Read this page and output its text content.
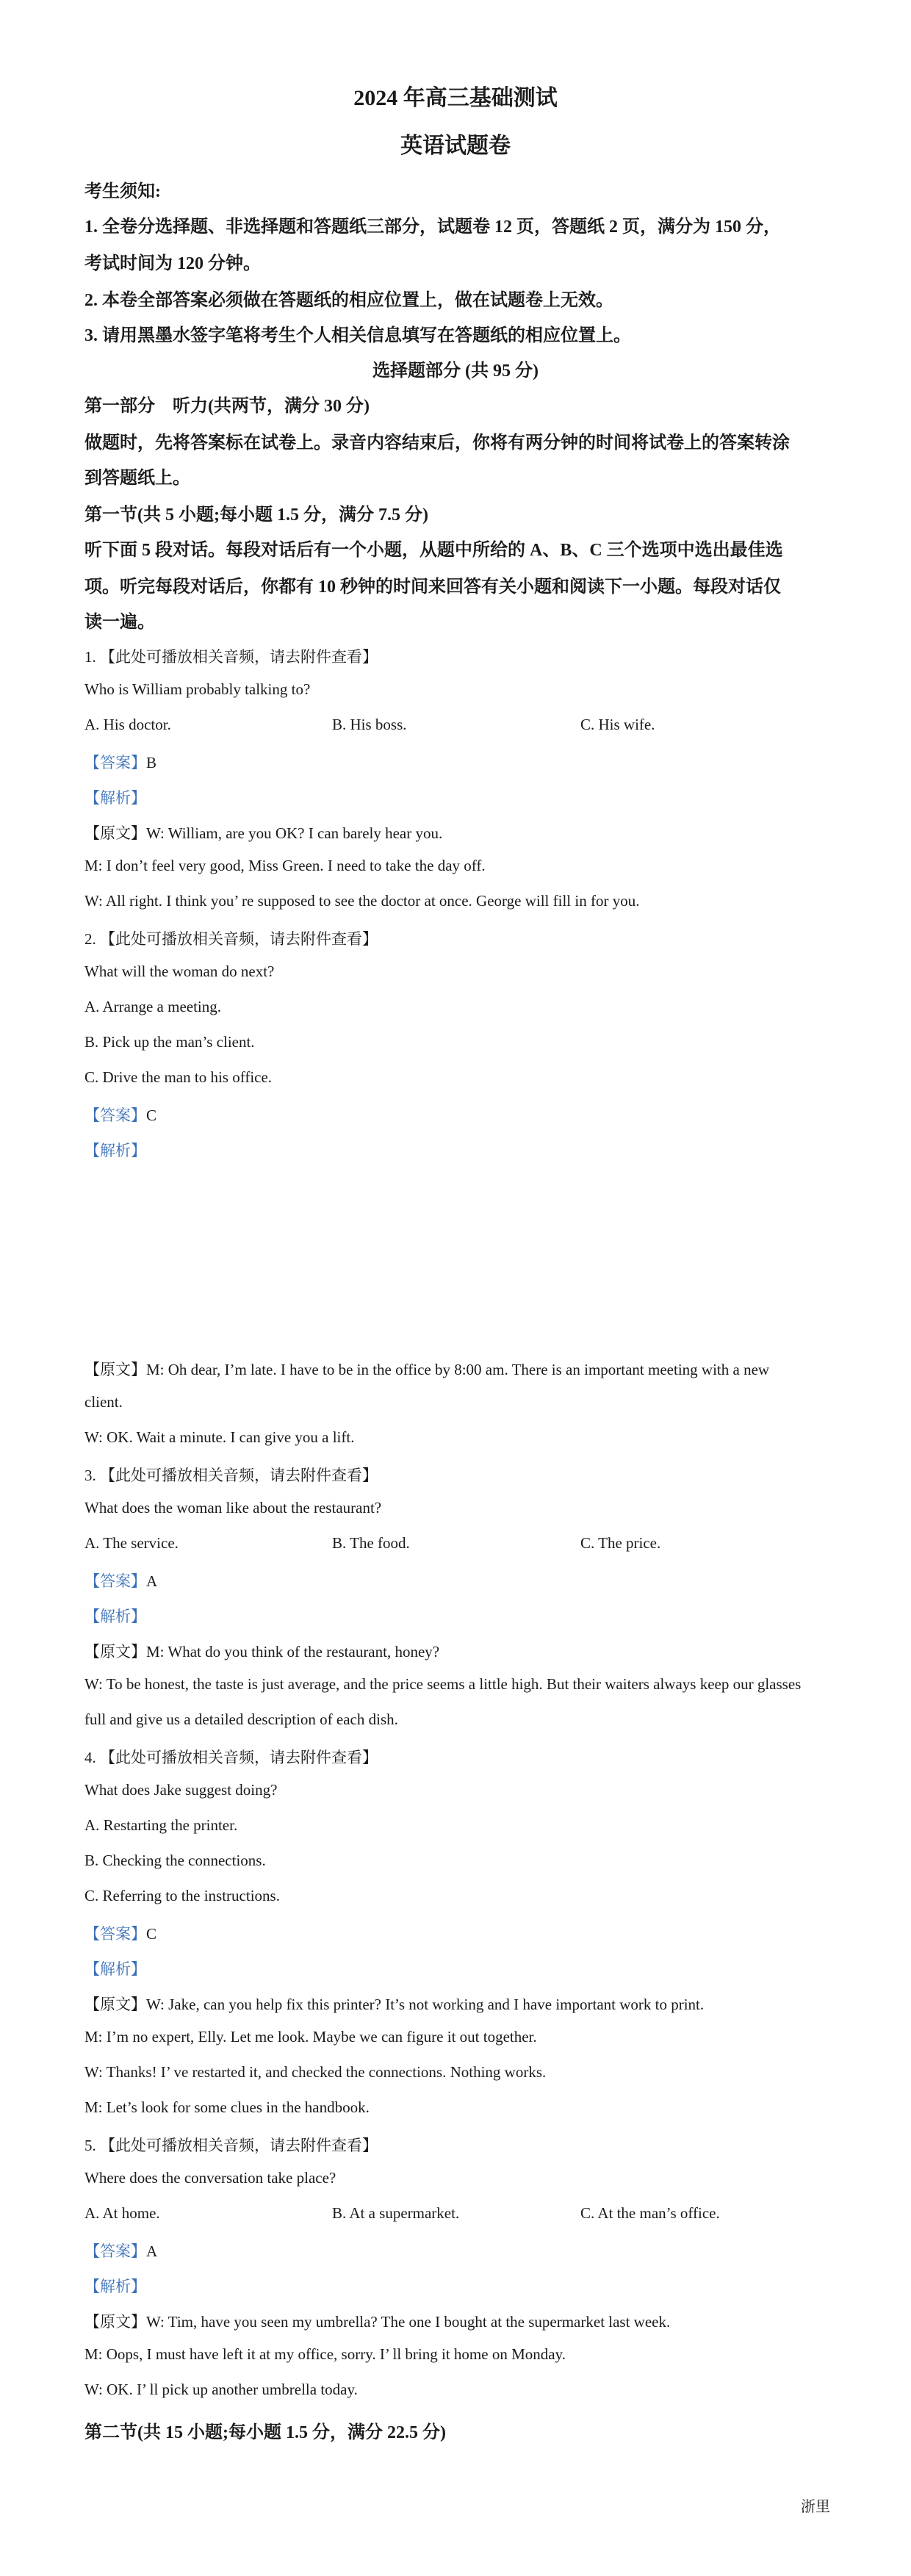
2024 年高三基础测试
英语试题卷
考生须知:
1. 全卷分选择题、非选择题和答题纸三部分，试题卷 12 页，答题纸 2 页，满分为 150 分，
考试时间为 120 分钟。
2. 本卷全部答案必须做在答题纸的相应位置上，做在试题卷上无效。
3. 请用黑墨水签字笔将考生个人相关信息填写在答题纸的相应位置上。
选择题部分 (共 95 分)
第一部分　听力(共两节，满分 30 分)
做题时，先将答案标在试卷上。录音内容结束后，你将有两分钟的时间将试卷上的答案转涂
到答题纸上。
第一节(共 5 小题;每小题 1.5 分，满分 7.5 分)
听下面 5 段对话。每段对话后有一个小题，从题中所给的 A、B、C 三个选项中选出最佳选
项。听完每段对话后，你都有 10 秒钟的时间来回答有关小题和阅读下一小题。每段对话仅
读一遍。
1. 【此处可播放相关音频，请去附件查看】
Who is William probably talking to?
A. His doctor.	B. His boss.	C. His wife.
【答案】B
【解析】
【原文】W: William, are you OK? I can barely hear you.
M: I don’t feel very good, Miss Green. I need to take the day off.
W: All right. I think you’ re supposed to see the doctor at once. George will fill in for you.
2. 【此处可播放相关音频，请去附件查看】
What will the woman do next?
A. Arrange a meeting.
B. Pick up the man’s client.
C. Drive the man to his office.
【答案】C
【解析】
【原文】M: Oh dear, I’m late. I have to be in the office by 8:00 am. There is an important meeting with a new
client.
W: OK. Wait a minute. I can give you a lift.
3. 【此处可播放相关音频，请去附件查看】
What does the woman like about the restaurant?
A. The service.	B. The food.	C. The price.
【答案】A
【解析】
【原文】M: What do you think of the restaurant, honey?
W: To be honest, the taste is just average, and the price seems a little high. But their waiters always keep our glasses
full and give us a detailed description of each dish.
4. 【此处可播放相关音频，请去附件查看】
What does Jake suggest doing?
A. Restarting the printer.
B. Checking the connections.
C. Referring to the instructions.
【答案】C
【解析】
【原文】W: Jake, can you help fix this printer? It’s not working and I have important work to print.
M: I’m no expert, Elly. Let me look. Maybe we can figure it out together.
W: Thanks! I’ ve restarted it, and checked the connections. Nothing works.
M: Let’s look for some clues in the handbook.
5. 【此处可播放相关音频，请去附件查看】
Where does the conversation take place?
A. At home.	B. At a supermarket.	C. At the man’s office.
【答案】A
【解析】
【原文】W: Tim, have you seen my umbrella? The one I bought at the supermarket last week.
M: Oops, I must have left it at my office, sorry. I’ ll bring it home on Monday.
W: OK. I’ ll pick up another umbrella today.
第二节(共 15 小题;每小题 1.5 分，满分 22.5 分)
浙里
